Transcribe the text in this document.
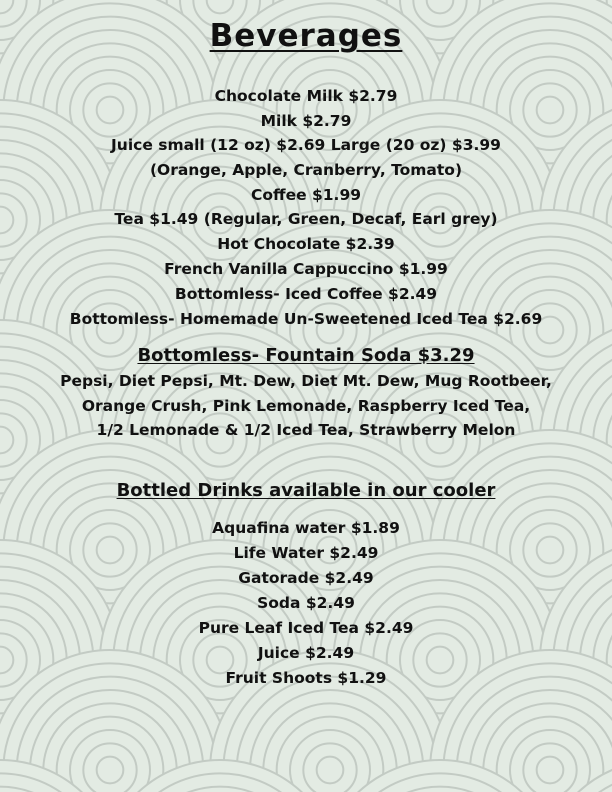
Beverages

Chocolate Milk $2.79

Milk $2.79

Juice small (12 oz) $2.69 Large (20 oz) $3.99

(Orange, Apple, Cranberry, Tomato)

Coffee $1.99

Tea $1.49 (Regular, Green, Decaf, Earl grey)

Hot Chocolate $2.39

French Vanilla Cappuccino $1.99

Bottomless- Iced Coffee $2.49

Bottomless- Homemade Un-Sweetened Iced Tea $2.69

Bottomless- Fountain Soda $3.29

Pepsi, Diet Pepsi, Mt. Dew, Diet Mt. Dew, Mug Rootbeer,

Orange Crush, Pink Lemonade, Raspberry Iced Tea,

1/2 Lemonade & 1/2 Iced Tea, Strawberry Melon

Bottled Drinks available in our cooler

Aquafina water $1.89

Life Water $2.49

Gatorade $2.49

Soda $2.49

Pure Leaf Iced Tea $2.49

Juice $2.49

Fruit Shoots $1.29
